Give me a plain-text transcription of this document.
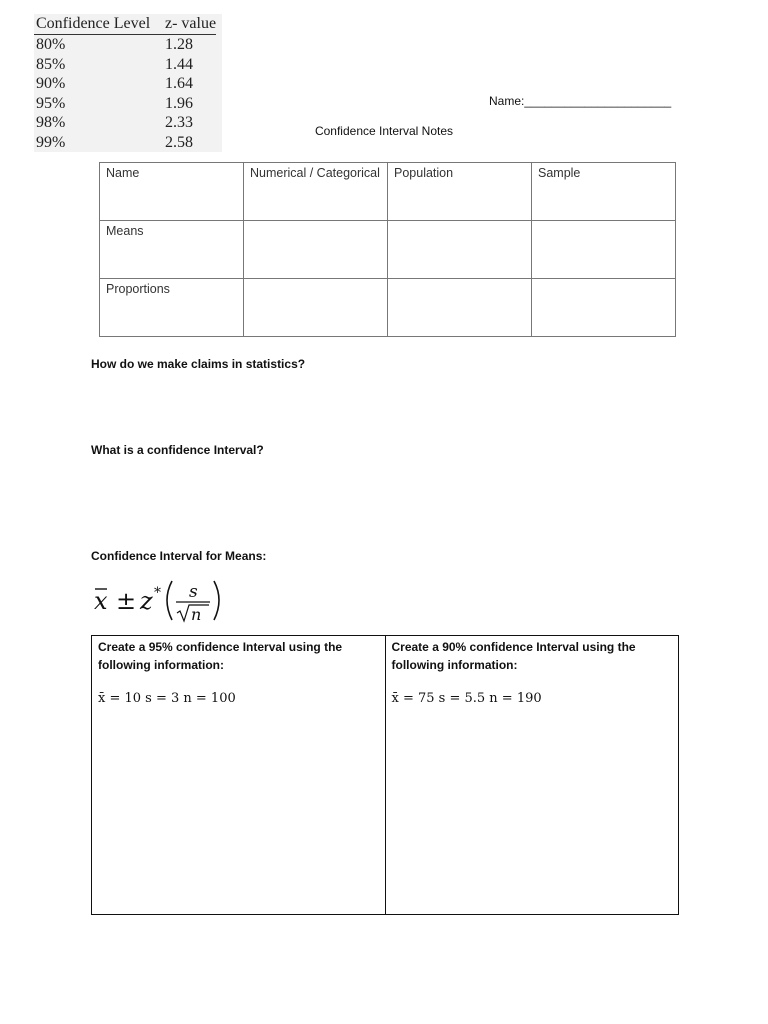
Confidence Level	z- value
80%	1.28
85%	1.44
90%	1.64
95%	1.96
98%	2.33
99%	2.58
Name:______________________
Confidence Interval Notes
Name	Numerical / Categorical	Population	Sample
Means			
Proportions			
How do we make claims in statistics?
What is a confidence Interval?
Confidence Interval for Means:
x ± z * s
n
Create a 95% confidence Interval using the following information:
x̄ = 10 s = 3 n = 100
Create a 90% confidence Interval using the following information:
x̄ = 75 s = 5.5 n = 190
